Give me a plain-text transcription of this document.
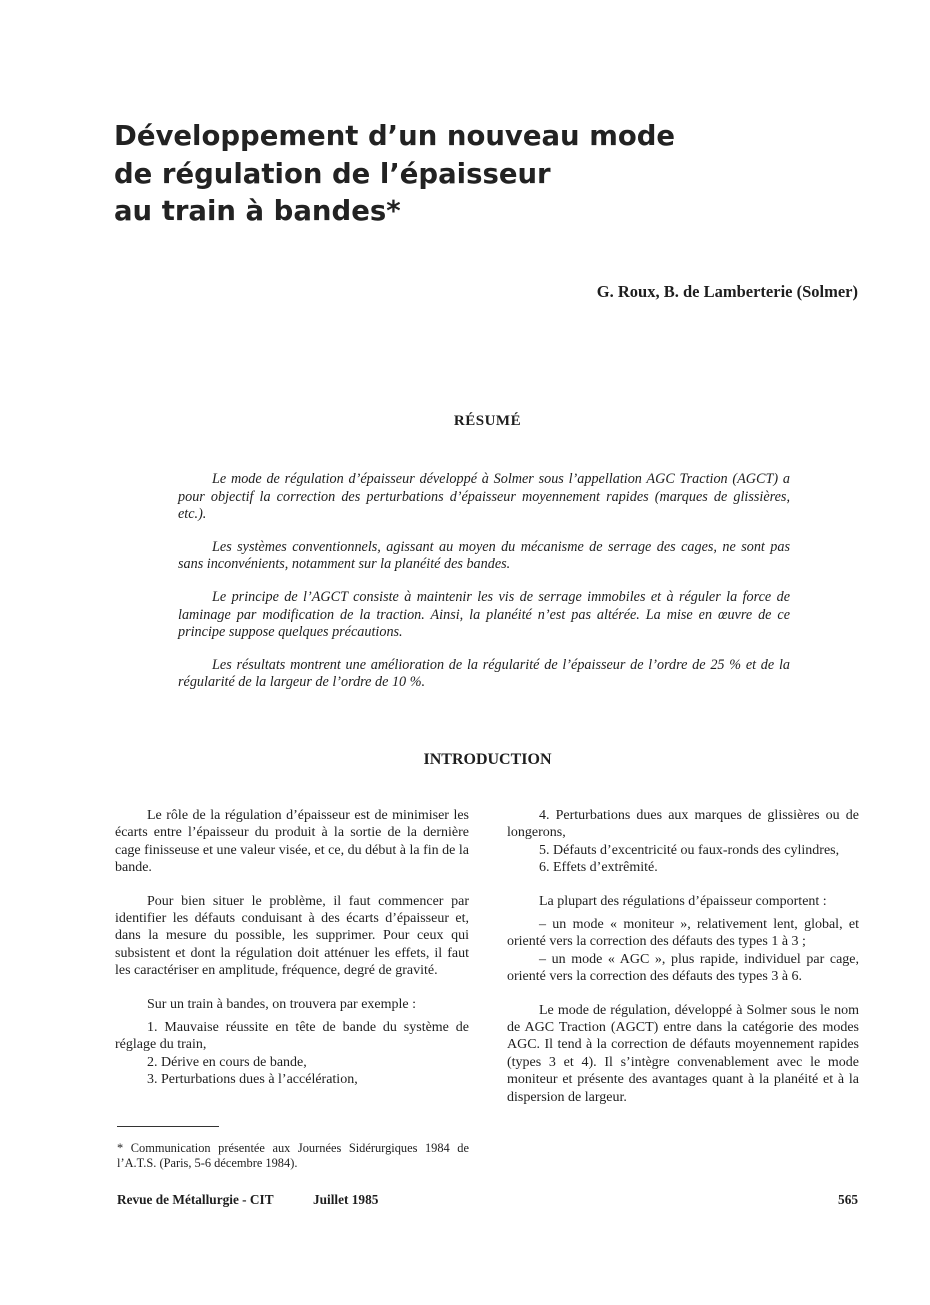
Développement d’un nouveau mode
de régulation de l’épaisseur
au train à bandes*

G. Roux, B. de Lamberterie (Solmer)

RÉSUMÉ

Le mode de régulation d’épaisseur développé à Solmer sous l’appellation AGC Traction (AGCT) a pour objectif la correction des perturbations d’épaisseur moyennement rapides (marques de glissières, etc.).

Les systèmes conventionnels, agissant au moyen du mécanisme de serrage des cages, ne sont pas sans inconvénients, notamment sur la planéité des bandes.

Le principe de l’AGCT consiste à maintenir les vis de serrage immobiles et à réguler la force de laminage par modification de la traction. Ainsi, la planéité n’est pas altérée. La mise en œuvre de ce principe suppose quelques précautions.

Les résultats montrent une amélioration de la régularité de l’épaisseur de l’ordre de 25 % et de la régularité de la largeur de l’ordre de 10 %.

INTRODUCTION

Le rôle de la régulation d’épaisseur est de minimiser les écarts entre l’épaisseur du produit à la sortie de la dernière cage finisseuse et une valeur visée, et ce, du début à la fin de la bande.

Pour bien situer le problème, il faut commencer par identifier les défauts conduisant à des écarts d’épaisseur et, dans la mesure du possible, les supprimer. Pour ceux qui subsistent et dont la régulation doit atténuer les effets, il faut les caractériser en amplitude, fréquence, degré de gravité.

Sur un train à bandes, on trouvera par exemple :

1. Mauvaise réussite en tête de bande du système de réglage du train,

2. Dérive en cours de bande,

3. Perturbations dues à l’accélération,

* Communication présentée aux Journées Sidérurgiques 1984 de l’A.T.S. (Paris, 5-6 décembre 1984).

4. Perturbations dues aux marques de glissières ou de longerons,

5. Défauts d’excentricité ou faux-ronds des cylindres,

6. Effets d’extrêmité.

La plupart des régulations d’épaisseur comportent :

– un mode « moniteur », relativement lent, global, et orienté vers la correction des défauts des types 1 à 3 ;

– un mode « AGC », plus rapide, individuel par cage, orienté vers la correction des défauts des types 3 à 6.

Le mode de régulation, développé à Solmer sous le nom de AGC Traction (AGCT) entre dans la catégorie des modes AGC. Il tend à la correction de défauts moyennement rapides (types 3 et 4). Il s’intègre convenablement avec le mode moniteur et présente des avantages quant à la planéité et à la dispersion de largeur.

Revue de Métallurgie - CIT	Juillet 1985	565
